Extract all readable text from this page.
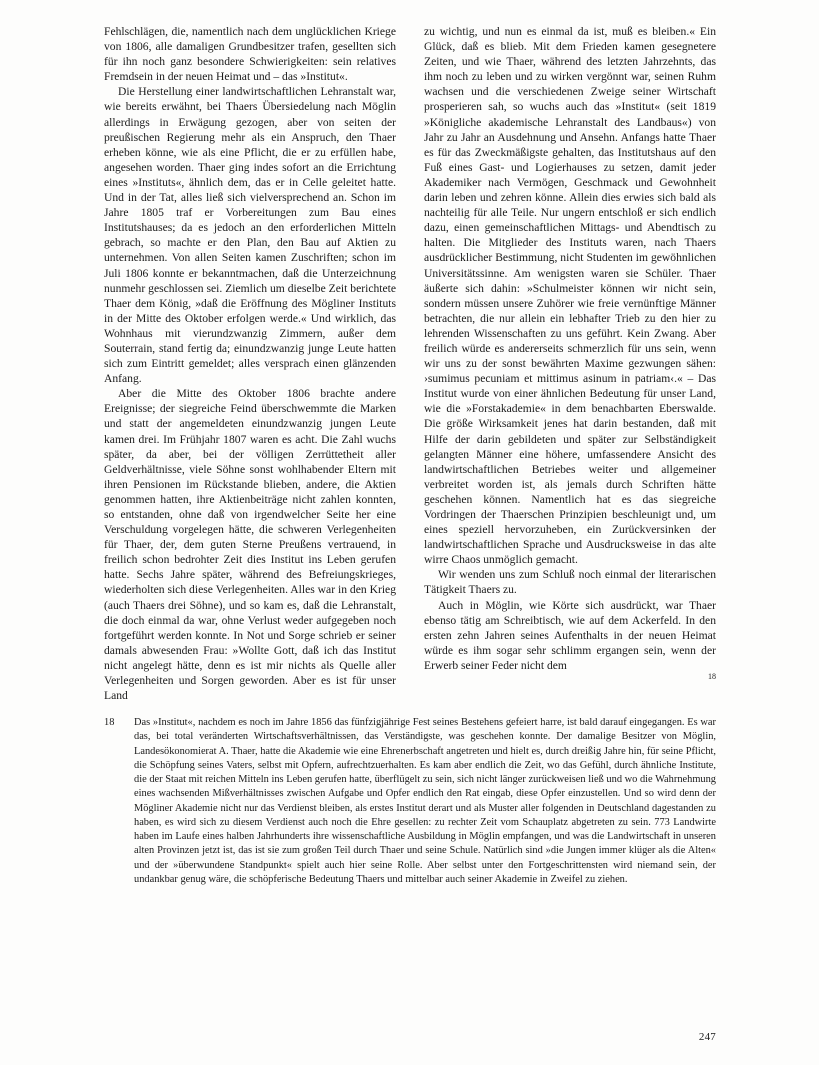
Fehlschlägen, die, namentlich nach dem unglücklichen Kriege von 1806, alle damaligen Grundbesitzer trafen, gesellten sich für ihn noch ganz besondere Schwierigkeiten: sein relatives Fremdsein in der neuen Heimat und – das »Institut«.

Die Herstellung einer landwirtschaftlichen Lehranstalt war, wie bereits erwähnt, bei Thaers Übersiedelung nach Möglin allerdings in Erwägung gezogen, aber von seiten der preußischen Regierung mehr als ein Anspruch, den Thaer erheben könne, wie als eine Pflicht, die er zu erfüllen habe, angesehen worden. Thaer ging indes sofort an die Errichtung eines »Instituts«, ähnlich dem, das er in Celle geleitet hatte. Und in der Tat, alles ließ sich vielversprechend an. Schon im Jahre 1805 traf er Vorbereitungen zum Bau eines Institutshauses; da es jedoch an den erforderlichen Mitteln gebrach, so machte er den Plan, den Bau auf Aktien zu unternehmen. Von allen Seiten kamen Zuschriften; schon im Juli 1806 konnte er bekanntmachen, daß die Unterzeichnung nunmehr geschlossen sei. Ziemlich um dieselbe Zeit berichtete Thaer dem König, »daß die Eröffnung des Mögliner Instituts in der Mitte des Oktober erfolgen werde.« Und wirklich, das Wohnhaus mit vierundzwanzig Zimmern, außer dem Souterrain, stand fertig da; einundzwanzig junge Leute hatten sich zum Eintritt gemeldet; alles versprach einen glänzenden Anfang.

Aber die Mitte des Oktober 1806 brachte andere Ereignisse; der siegreiche Feind überschwemmte die Marken und statt der angemeldeten einundzwanzig jungen Leute kamen drei. Im Frühjahr 1807 waren es acht. Die Zahl wuchs später, da aber, bei der völligen Zerrüttetheit aller Geldverhältnisse, viele Söhne sonst wohlhabender Eltern mit ihren Pensionen im Rückstande blieben, andere, die Aktien genommen hatten, ihre Aktienbeiträge nicht zahlen konnten, so entstanden, ohne daß von irgendwelcher Seite her eine Verschuldung vorgelegen hätte, die schweren Verlegenheiten für Thaer, der, dem guten Sterne Preußens vertrauend, in freilich schon bedrohter Zeit dies Institut ins Leben gerufen hatte. Sechs Jahre später, während des Befreiungskrieges, wiederholten sich diese Verlegenheiten. Alles war in den Krieg (auch Thaers drei Söhne), und so kam es, daß die Lehranstalt, die doch einmal da war, ohne Verlust weder aufgegeben noch fortgeführt werden konnte. In Not und Sorge schrieb er seiner damals abwesenden Frau: »Wollte Gott, daß ich das Institut nicht angelegt hätte, denn es ist mir nichts als Quelle aller Verlegenheiten und Sorgen geworden. Aber es ist für unser Land

zu wichtig, und nun es einmal da ist, muß es bleiben.« Ein Glück, daß es blieb. Mit dem Frieden kamen gesegnetere Zeiten, und wie Thaer, während des letzten Jahrzehnts, das ihm noch zu leben und zu wirken vergönnt war, seinen Ruhm wachsen und die verschiedenen Zweige seiner Wirtschaft prosperieren sah, so wuchs auch das »Institut« (seit 1819 »Königliche akademische Lehranstalt des Landbaus«) von Jahr zu Jahr an Ausdehnung und Ansehn. Anfangs hatte Thaer es für das Zweckmäßigste gehalten, das Institutshaus auf den Fuß eines Gast- und Logierhauses zu setzen, damit jeder Akademiker nach Vermögen, Geschmack und Gewohnheit darin leben und zehren könne. Allein dies erwies sich bald als nachteilig für alle Teile. Nur ungern entschloß er sich endlich dazu, einen gemeinschaftlichen Mittags- und Abendtisch zu halten. Die Mitglieder des Instituts waren, nach Thaers ausdrücklicher Bestimmung, nicht Studenten im gewöhnlichen Universitätssinne. Am wenigsten waren sie Schüler. Thaer äußerte sich dahin: »Schulmeister können wir nicht sein, sondern müssen unsere Zuhörer wie freie vernünftige Männer betrachten, die nur allein ein lebhafter Trieb zu den hier zu lehrenden Wissenschaften zu uns geführt. Kein Zwang. Aber freilich würde es andererseits schmerzlich für uns sein, wenn wir uns zu der sonst bewährten Maxime gezwungen sähen: ›sumimus pecuniam et mittimus asinum in patriam‹.« – Das Institut wurde von einer ähnlichen Bedeutung für unser Land, wie die »Forstakademie« in dem benachbarten Eberswalde. Die größe Wirksamkeit jenes hat darin bestanden, daß mit Hilfe der darin gebildeten und später zur Selbständigkeit gelangten Männer eine höhere, umfassendere Ansicht des landwirtschaftlichen Betriebes weiter und allgemeiner verbreitet worden ist, als jemals durch Schriften hätte geschehen können. Namentlich hat es das siegreiche Vordringen der Thaerschen Prinzipien beschleunigt und, um eines speziell hervorzuheben, ein Zurückversinken der landwirtschaftlichen Sprache und Ausdrucksweise in das alte wirre Chaos unmöglich gemacht.

Wir wenden uns zum Schluß noch einmal der literarischen Tätigkeit Thaers zu.

Auch in Möglin, wie Körte sich ausdrückt, war Thaer ebenso tätig am Schreibtisch, wie auf dem Ackerfeld. In den ersten zehn Jahren seines Aufenthalts in der neuen Heimat würde es ihm sogar sehr schlimm ergangen sein, wenn der Erwerb seiner Feder nicht dem

$^{18}$

18	Das »Institut«, nachdem es noch im Jahre 1856 das fünfzigjährige Fest seines Bestehens gefeiert harre, ist bald darauf eingegangen. Es war das, bei total veränderten Wirtschaftsverhältnissen, das Verständigste, was geschehen konnte. Der damalige Besitzer von Möglin, Landesökonomierat A. Thaer, hatte die Akademie wie eine Ehrenerbschaft angetreten und hielt es, durch dreißig Jahre hin, für seine Pflicht, die Schöpfung seines Vaters, selbst mit Opfern, aufrechtzuerhalten. Es kam aber endlich die Zeit, wo das Gefühl, durch ähnliche Institute, die der Staat mit reichen Mitteln ins Leben gerufen hatte, überflügelt zu sein, sich nicht länger zurückweisen ließ und wo die Wahrnehmung eines wachsenden Mißverhältnisses zwischen Aufgabe und Opfer endlich den Rat eingab, diese Opfer einzustellen. Und so wird denn der Mögliner Akademie nicht nur das Verdienst bleiben, als erstes Institut derart und als Muster aller folgenden in Deutschland dagestanden zu haben, es wird sich zu diesem Verdienst auch noch die Ehre gesellen: zu rechter Zeit vom Schauplatz abgetreten zu sein. 773 Landwirte haben im Laufe eines halben Jahrhunderts ihre wissenschaftliche Ausbildung in Möglin empfangen, und was die Landwirtschaft in unseren alten Provinzen jetzt ist, das ist sie zum großen Teil durch Thaer und seine Schule. Natürlich sind »die Jungen immer klüger als die Alten« und der »überwundene Standpunkt« spielt auch hier seine Rolle. Aber selbst unter den Fortgeschrittensten wird niemand sein, der undankbar genug wäre, die schöpferische Bedeutung Thaers und mittelbar auch seiner Akademie in Zweifel zu ziehen.

247
